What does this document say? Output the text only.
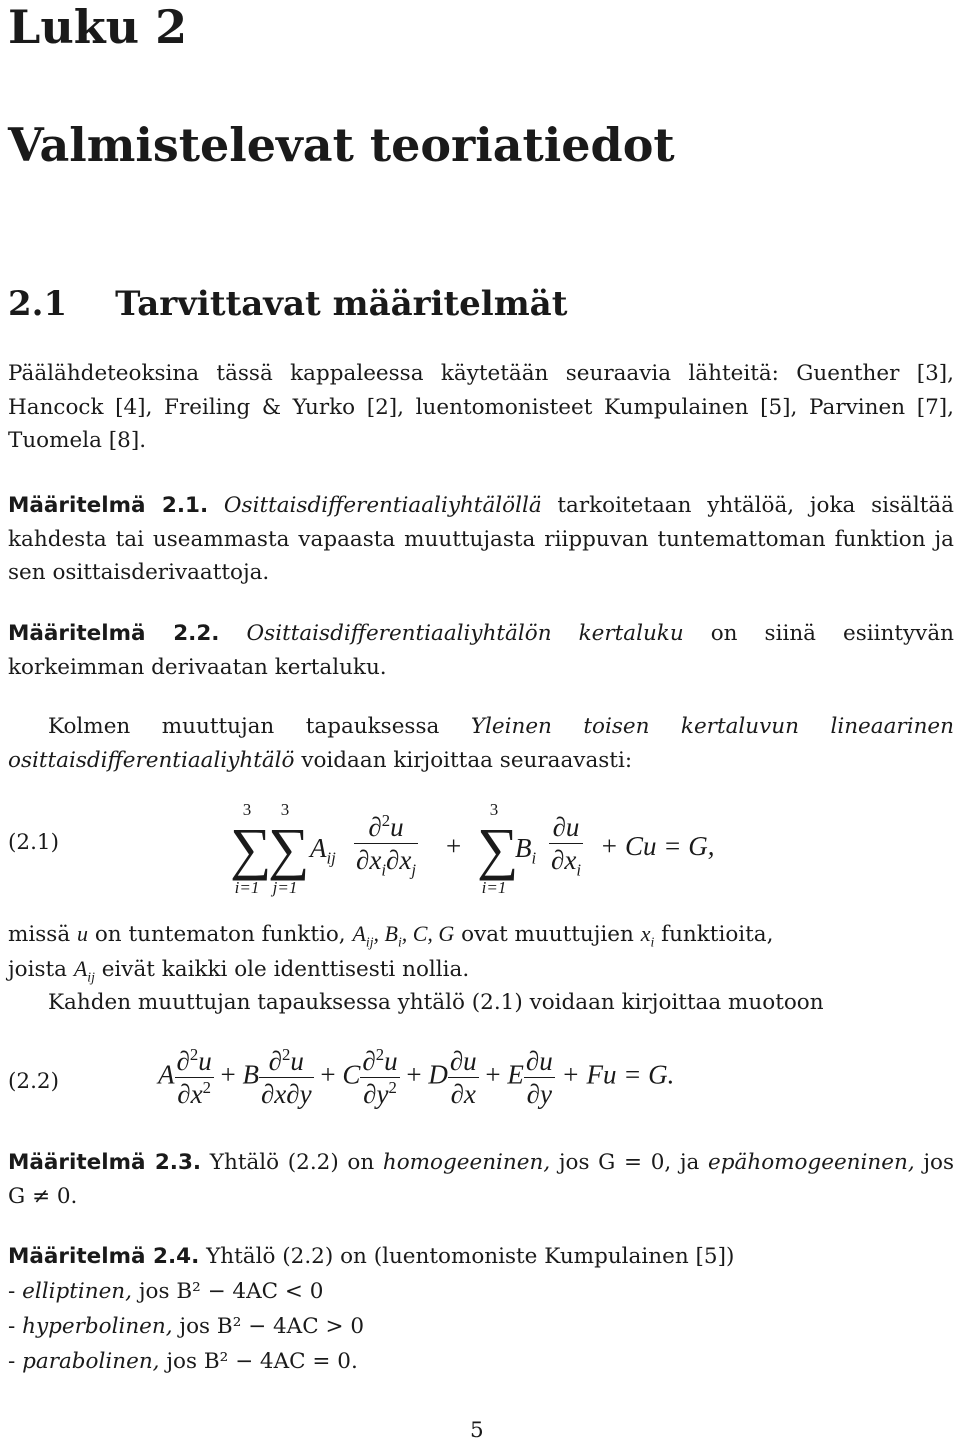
Luku 2
Valmistelevat teoriatiedot
2.1 Tarvittavat määritelmät
Päälähdeteoksina tässä kappaleessa käytetään seuraavia lähteitä: Guenther [3], Hancock [4], Freiling & Yurko [2], luentomonisteet Kumpulainen [5], Parvinen [7], Tuomela [8].
Määritelmä 2.1. Osittaisdifferentiaaliyhtälöllä tarkoitetaan yhtälöä, joka sisältää kahdesta tai useammasta vapaasta muuttujasta riippuvan tuntemattoman funktion ja sen osittaisderivaattoja.
Määritelmä 2.2. Osittaisdifferentiaaliyhtälön kertaluku on siinä esiintyvän korkeimman derivaatan kertaluku.
Kolmen muuttujan tapauksessa Yleinen toisen kertaluvun lineaarinen osittaisdifferentiaaliyhtälö voidaan kirjoittaa seuraavasti:
(2.1)
3
∑
i=1
3
∑
j=1
$A_{ij} \frac{\partial^2u}{\partial x_i\partial x_j}$ +
3
∑
i=1
$B_i \frac{\partial u}{\partial x_i} + Cu = G$,
missä u on tuntematon funktio, $A_{ij}$, $B_i$, C, G ovat muuttujien $x_i$ funktioita,
joista $A_{ij}$ eivät kaikki ole identtisesti nollia.
Kahden muuttujan tapauksessa yhtälö (2.1) voidaan kirjoittaa muotoon
(2.2)	A $\frac{\partial^2u}{\partial x^2} + B \frac{\partial^2u}{\partial x\partial y} + C \frac{\partial^2u}{\partial y^2} + D \frac{\partial u}{\partial x} + E \frac{\partial u}{\partial y} + Fu = G$.
Määritelmä 2.3. Yhtälö (2.2) on homogeeninen, jos G = 0, ja epähomogeeninen, jos G ≠ 0.
Määritelmä 2.4. Yhtälö (2.2) on (luentomoniste Kumpulainen [5])
- elliptinen, jos B² − 4AC < 0
- hyperbolinen, jos B² − 4AC > 0
- parabolinen, jos B² − 4AC = 0.
5
